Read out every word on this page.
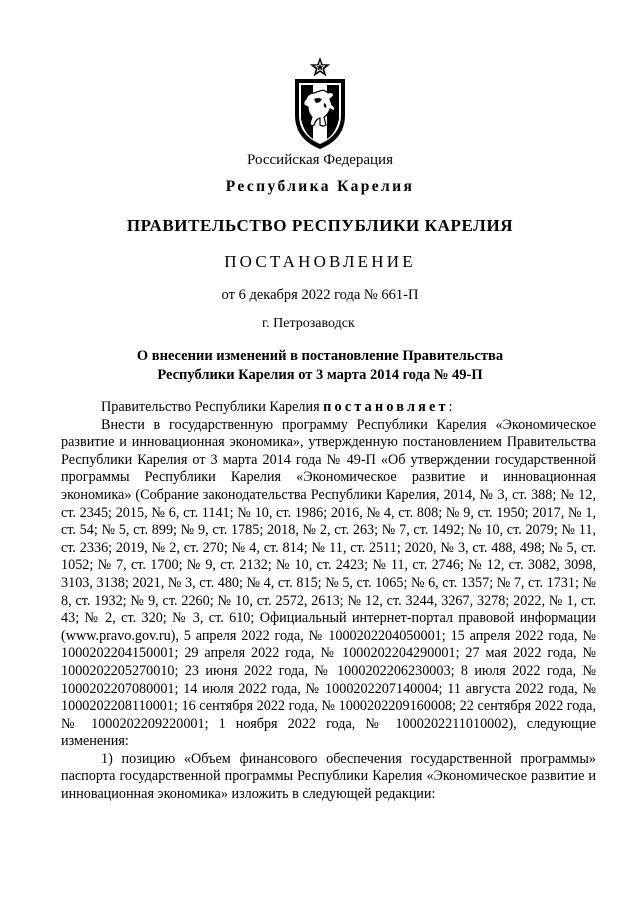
Российская Федерация
Республика Карелия
ПРАВИТЕЛЬСТВО РЕСПУБЛИКИ КАРЕЛИЯ
ПОСТАНОВЛЕНИЕ
от 6 декабря 2022 года № 661-П
г. Петрозаводск
О внесении изменений в постановление Правительства
Республики Карелия от 3 марта 2014 года № 49-П

Правительство Республики Карелия постановляет:

Внести в государственную программу Республики Карелия «Экономическое развитие и инновационная экономика», утвержденную постановлением Правительства Республики Карелия от 3 марта 2014 года № 49-П «Об утверждении государственной программы Республики Карелия «Экономическое развитие и инновационная экономика» (Собрание законодательства Республики Карелия, 2014, № 3, ст. 388; № 12, ст. 2345; 2015, № 6, ст. 1141; № 10, ст. 1986; 2016, № 4, ст. 808; № 9, ст. 1950; 2017, № 1, ст. 54; № 5, ст. 899; № 9, ст. 1785; 2018, № 2, ст. 263; № 7, ст. 1492; № 10, ст. 2079; № 11, ст. 2336; 2019, № 2, ст. 270; № 4, ст. 814; № 11, ст. 2511; 2020, № 3, ст. 488, 498; № 5, ст. 1052; № 7, ст. 1700; № 9, ст. 2132; № 10, ст. 2423; № 11, ст. 2746; № 12, ст. 3082, 3098, 3103, 3138; 2021, № 3, ст. 480; № 4, ст. 815; № 5, ст. 1065; № 6, ст. 1357; № 7, ст. 1731; № 8, ст. 1932; № 9, ст. 2260; № 10, ст. 2572, 2613; № 12, ст. 3244, 3267, 3278; 2022, № 1, ст. 43; № 2, ст. 320; № 3, ст. 610; Официальный интернет-портал правовой информации (www.pravo.gov.ru), 5 апреля 2022 года, № 1000202204050001; 15 апреля 2022 года, № 1000202204150001; 29 апреля 2022 года, № 1000202204290001; 27 мая 2022 года, № 1000202205270010; 23 июня 2022 года, № 1000202206230003; 8 июля 2022 года, № 1000202207080001; 14 июля 2022 года, № 1000202207140004; 11 августа 2022 года, № 1000202208110001; 16 сентября 2022 года, № 1000202209160008; 22 сентября 2022 года, № 1000202209220001; 1 ноября 2022 года, № 1000202211010002), следующие изменения:

1) позицию «Объем финансового обеспечения государственной программы» паспорта государственной программы Республики Карелия «Экономическое развитие и инновационная экономика» изложить в следующей редакции:
